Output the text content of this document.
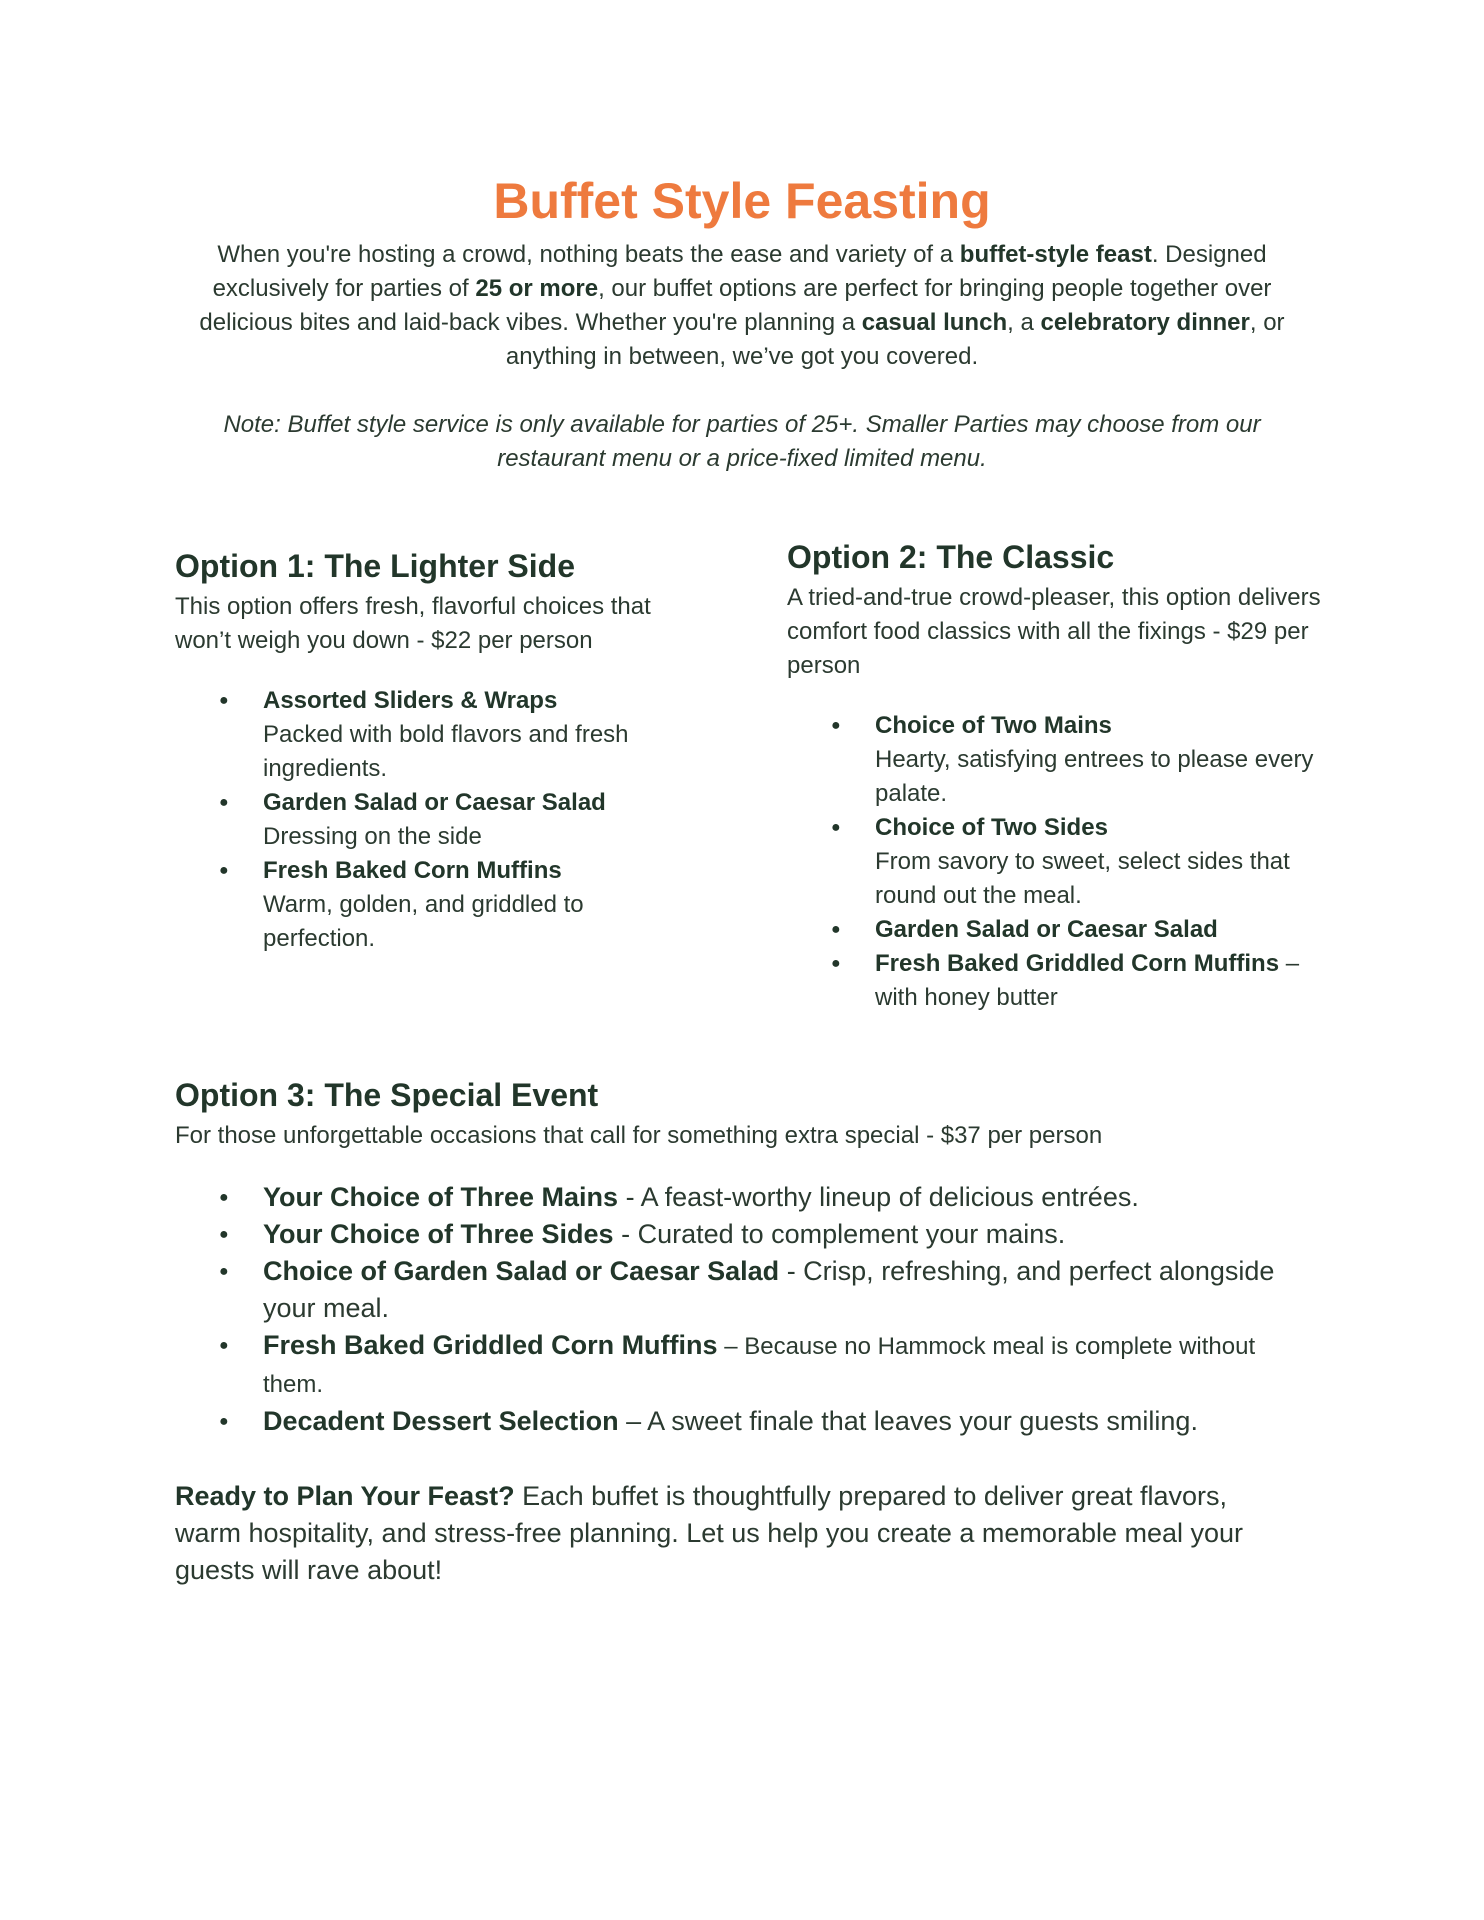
Buffet Style Feasting

When you're hosting a crowd, nothing beats the ease and variety of a buffet-style feast. Designed exclusively for parties of 25 or more, our buffet options are perfect for bringing people together over delicious bites and laid-back vibes. Whether you're planning a casual lunch, a celebratory dinner, or anything in between, we’ve got you covered.

Note: Buffet style service is only available for parties of 25+. Smaller Parties may choose from our restaurant menu or a price-fixed limited menu.

Option 1: The Lighter Side

This option offers fresh, flavorful choices that won’t weigh you down - $22 per person

● Assorted Sliders & Wraps
Packed with bold flavors and fresh ingredients.
● Garden Salad or Caesar Salad
Dressing on the side
● Fresh Baked Corn Muffins
Warm, golden, and griddled to perfection.
Option 2: The Classic

A tried-and-true crowd-pleaser, this option delivers comfort food classics with all the fixings - $29 per person

● Choice of Two Mains
Hearty, satisfying entrees to please every palate.
● Choice of Two Sides
From savory to sweet, select sides that round out the meal.
● Garden Salad or Caesar Salad
● Fresh Baked Griddled Corn Muffins – with honey butter
Option 3: The Special Event

For those unforgettable occasions that call for something extra special - $37 per person

● Your Choice of Three Mains - A feast-worthy lineup of delicious entrées.
● Your Choice of Three Sides - Curated to complement your mains.
● Choice of Garden Salad or Caesar Salad - Crisp, refreshing, and perfect alongside your meal.
● Fresh Baked Griddled Corn Muffins – Because no Hammock meal is complete without them.
● Decadent Dessert Selection – A sweet finale that leaves your guests smiling.

Ready to Plan Your Feast? Each buffet is thoughtfully prepared to deliver great flavors, warm hospitality, and stress-free planning. Let us help you create a memorable meal your guests will rave about!
